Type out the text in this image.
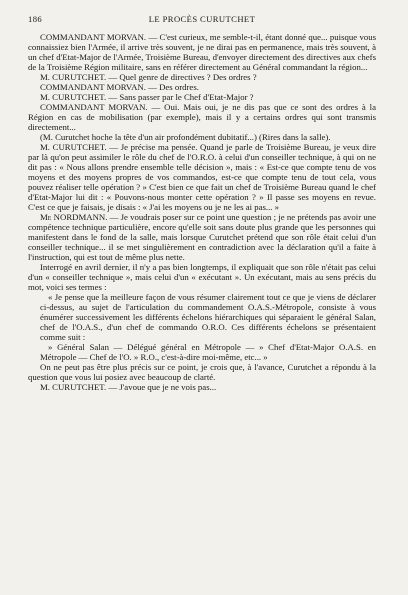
186	LE PROCÈS CURUTCHET

COMMANDANT MORVAN. — C'est curieux, me semble-t-il, étant donné que... puisque vous connaissiez bien l'Armée, il arrive très souvent, je ne dirai pas en permanence, mais très souvent, à un chef d'Etat-Major de l'Armée, Troisième Bureau, d'envoyer directement des directives aux chefs de la Troisième Région militaire, sans en référer directement au Général commandant la région...

M. CURUTCHET. — Quel genre de directives ? Des ordres ?

COMMANDANT MORVAN. — Des ordres.

M. CURUTCHET. — Sans passer par le Chef d'Etat-Major ?

COMMANDANT MORVAN. — Oui. Mais oui, je ne dis pas que ce sont des ordres à la Région en cas de mobilisation (par exemple), mais il y a certains ordres qui sont transmis directement...

(M. Curutchet hoche la tête d'un air profondément dubitatif...) (Rires dans la salle).

M. CURUTCHET. — Je précise ma pensée. Quand je parle de Troisième Bureau, je veux dire par là qu'on peut assimiler le rôle du chef de l'O.R.O. à celui d'un conseiller technique, à qui on ne dit pas : « Nous allons prendre ensemble telle décision », mais : « Est-ce que compte tenu de vos moyens et des moyens propres de vos commandos, est-ce que compte tenu de tout cela, vous pouvez réaliser telle opération ? » C'est bien ce que fait un chef de Troisième Bureau quand le chef d'Etat-Major lui dit : « Pouvons-nous monter cette opération ? » Il passe ses moyens en revue. C'est ce que je faisais, je disais : « J'ai les moyens ou je ne les ai pas... »

Me NORDMANN. — Je voudrais poser sur ce point une question ; je ne prétends pas avoir une compétence technique particulière, encore qu'elle soit sans doute plus grande que les personnes qui manifestent dans le fond de la salle, mais lorsque Curutchet prétend que son rôle était celui d'un conseiller technique... il se met singulièrement en contradiction avec la déclaration qu'il a faite à l'instruction, qui est tout de même plus nette.

Interrogé en avril dernier, il n'y a pas bien longtemps, il expliquait que son rôle n'était pas celui d'un « conseiller technique », mais celui d'un « exécutant ». Un exécutant, mais au sens précis du mot, voici ses termes :

« Je pense que la meilleure façon de vous résumer clairement tout ce que je viens de déclarer ci-dessus, au sujet de l'articulation du commandement O.A.S.-Métropole, consiste à vous énumérer successivement les différents échelons hiérarchiques qui séparaient le général Salan, chef de l'O.A.S., d'un chef de commando O.R.O. Ces différents échelons se présentaient comme suit :

» Général Salan — Délégué général en Métropole — » Chef d'Etat-Major O.A.S. en Métropole — Chef de l'O. » R.O., c'est-à-dire moi-même, etc... »

On ne peut pas être plus précis sur ce point, je crois que, à l'avance, Curutchet a répondu à la question que vous lui posiez avec beaucoup de clarté.

M. CURUTCHET. — J'avoue que je ne vois pas...
